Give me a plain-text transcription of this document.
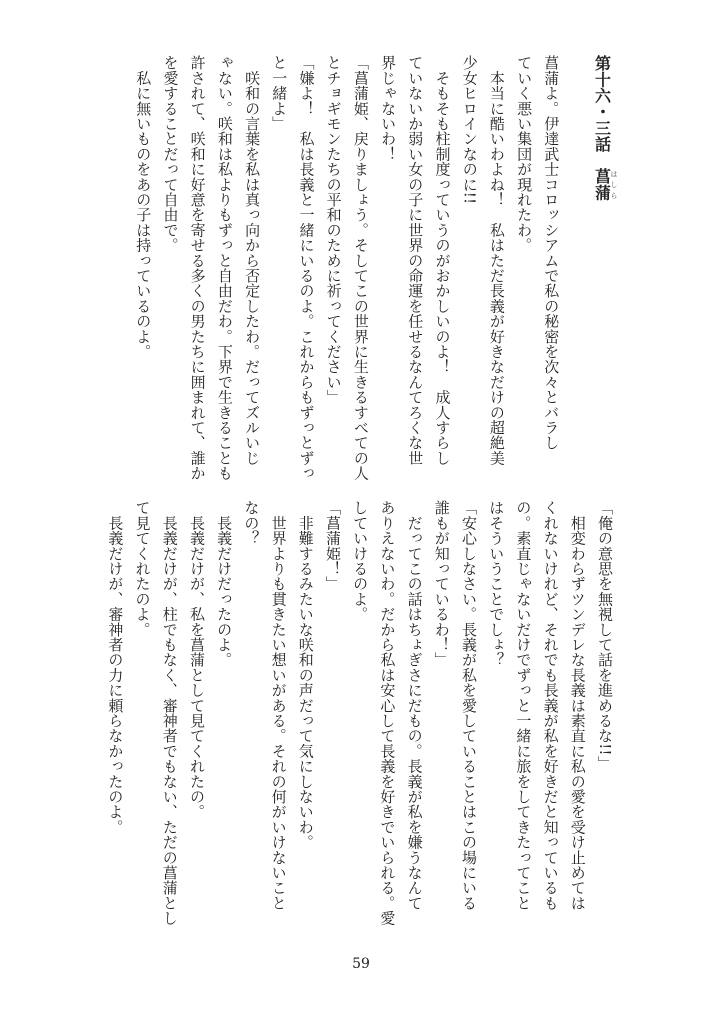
第十六・三話　菖蒲はしら
菖蒲よ。伊達武士コロッシアムで私の秘密を次々とバラし
ていく悪い集団が現れたわ。
　本当に酷いわよね！　私はただ長義が好きなだけの超絶美
少女ヒロインなのに!!
　そもそも柱制度っていうのがおかしいのよ！　成人すらし
ていないか弱い女の子に世界の命運を任せるなんてろくな世
界じゃないわ！
「菖蒲姫、戻りましょう。そしてこの世界に生きるすべての人
とチョギモンたちの平和のために祈ってください」
「嫌よ！　私は長義と一緒にいるのよ。これからもずっとずっ
と一緒よ」
　咲和の言葉を私は真っ向から否定したわ。だってズルいじ
ゃない。咲和は私よりもずっと自由だわ。下界で生きることも
許されて、咲和に好意を寄せる多くの男たちに囲まれて、誰か
を愛することだって自由で。
　私に無いものをあの子は持っているのよ。
「俺の意思を無視して話を進めるな!!」
　相変わらずツンデレな長義は素直に私の愛を受け止めては
くれないけれど、それでも長義が私を好きだと知っているも
の。素直じゃないだけでずっと一緒に旅をしてきたってこと
はそういうことでしょ？
「安心しなさい。長義が私を愛していることはこの場にいる
誰もが知っているわ！」
　だってこの話はちょぎさにだもの。長義が私を嫌うなんて
ありえないわ。だから私は安心して長義を好きでいられる。愛
していけるのよ。
「菖蒲姫！」
　非難するみたいな咲和の声だって気にしないわ。
　世界よりも貫きたい想いがある。それの何がいけないこと
なの？
　長義だけだったのよ。
　長義だけが、私を菖蒲として見てくれたの。
　長義だけが、柱でもなく、審神者でもない、ただの菖蒲とし
て見てくれたのよ。
　長義だけが、審神者の力に頼らなかったのよ。
59
